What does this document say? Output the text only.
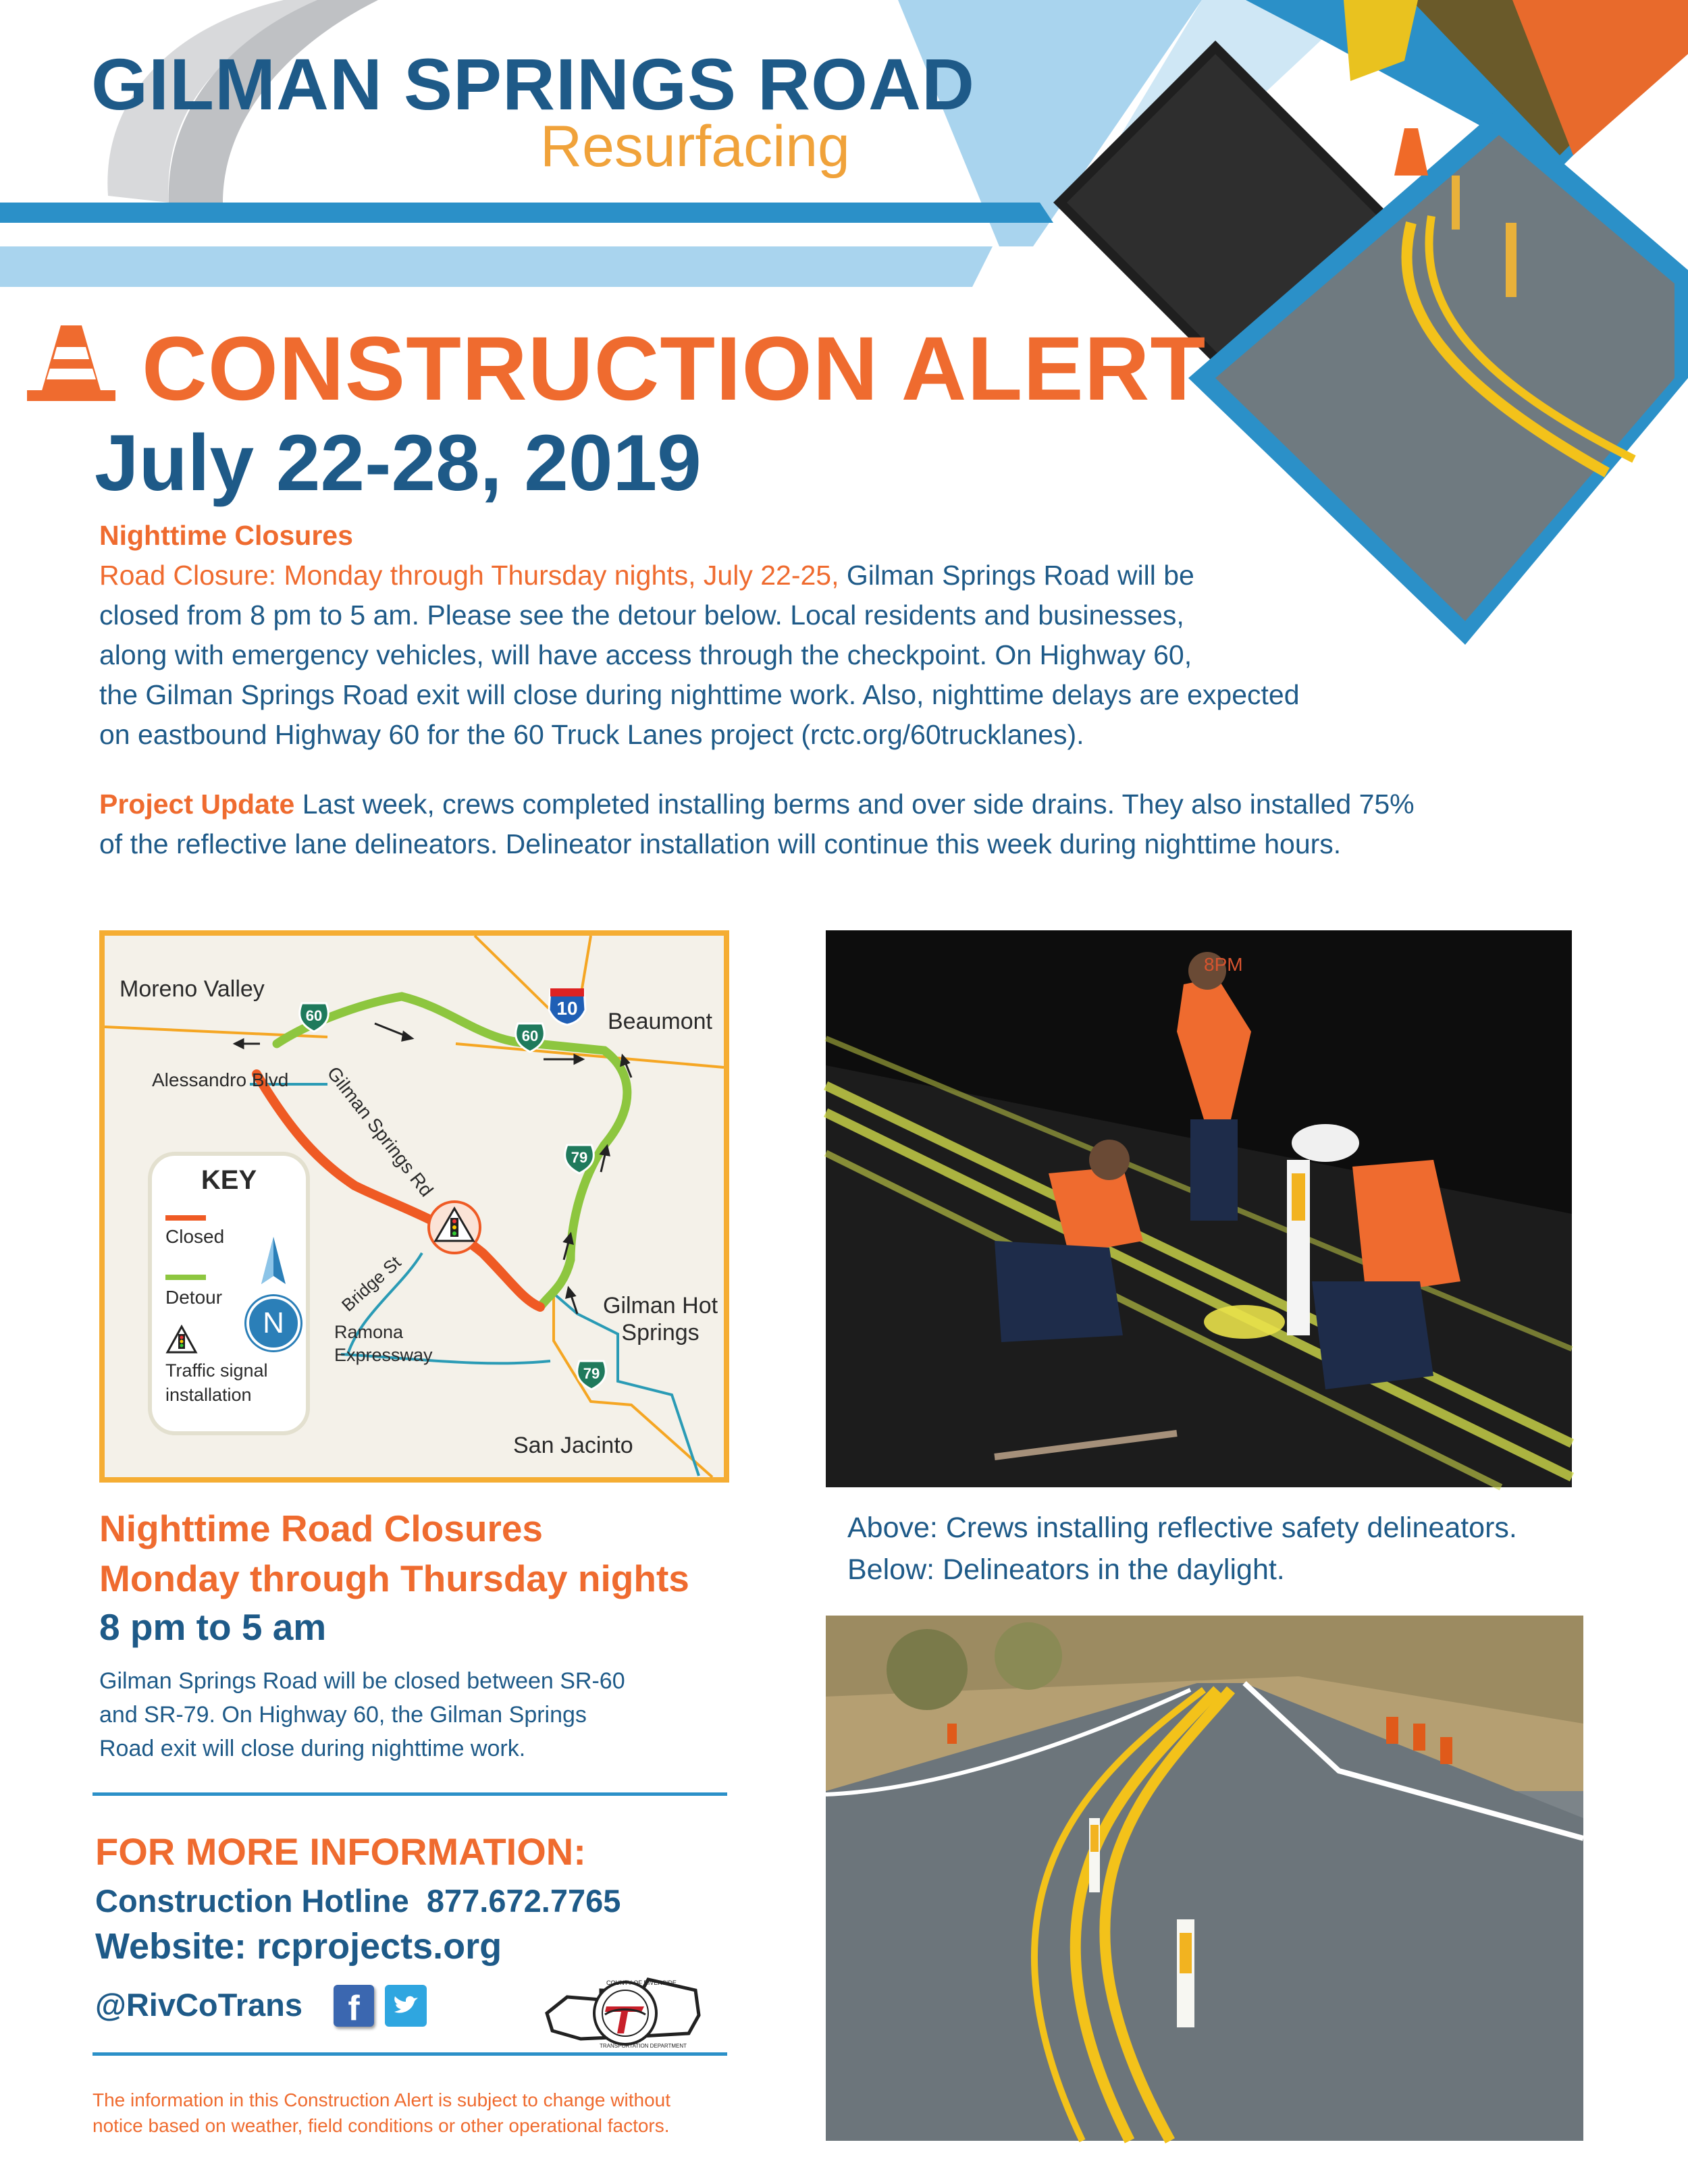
GILMAN SPRINGS ROAD
Resurfacing
CONSTRUCTION ALERT
July 22-28, 2019
Nighttime Closures
Road Closure: Monday through Thursday nights, July 22-25, Gilman Springs Road will be
closed from 8 pm to 5 am. Please see the detour below. Local residents and businesses,
along with emergency vehicles, will have access through the checkpoint. On Highway 60,
the Gilman Springs Road exit will close during nighttime work. Also, nighttime delays are expected
on eastbound Highway 60 for the 60 Truck Lanes project (rctc.org/60trucklanes).
Project Update Last week, crews completed installing berms and over side drains. They also installed 75%
of the reflective lane delineators. Delineator installation will continue this week during nighttime hours.
Moreno Valley
Beaumont
Alessandro Blvd Gilman Springs Rd
Bridge St
Ramona
Expressway
Gilman Hot
Springs
San Jacinto
60
60
10
79
79
KEY
Closed
Detour
Traffic signal
installation
N
8PM
Above: Crews installing reflective safety delineators.
Below: Delineators in the daylight.
Nighttime Road Closures
Monday through Thursday nights
8 pm to 5 am
Gilman Springs Road will be closed between SR-60
and SR-79. On Highway 60, the Gilman Springs
Road exit will close during nighttime work.
FOR MORE INFORMATION:
Construction Hotline 877.672.7765
Website: rcprojects.org
@RivCoTrans	f
COUNTY OF RIVERSIDE
TRANSPORTATION DEPARTMENT
The information in this Construction Alert is subject to change without
notice based on weather, field conditions or other operational factors.
